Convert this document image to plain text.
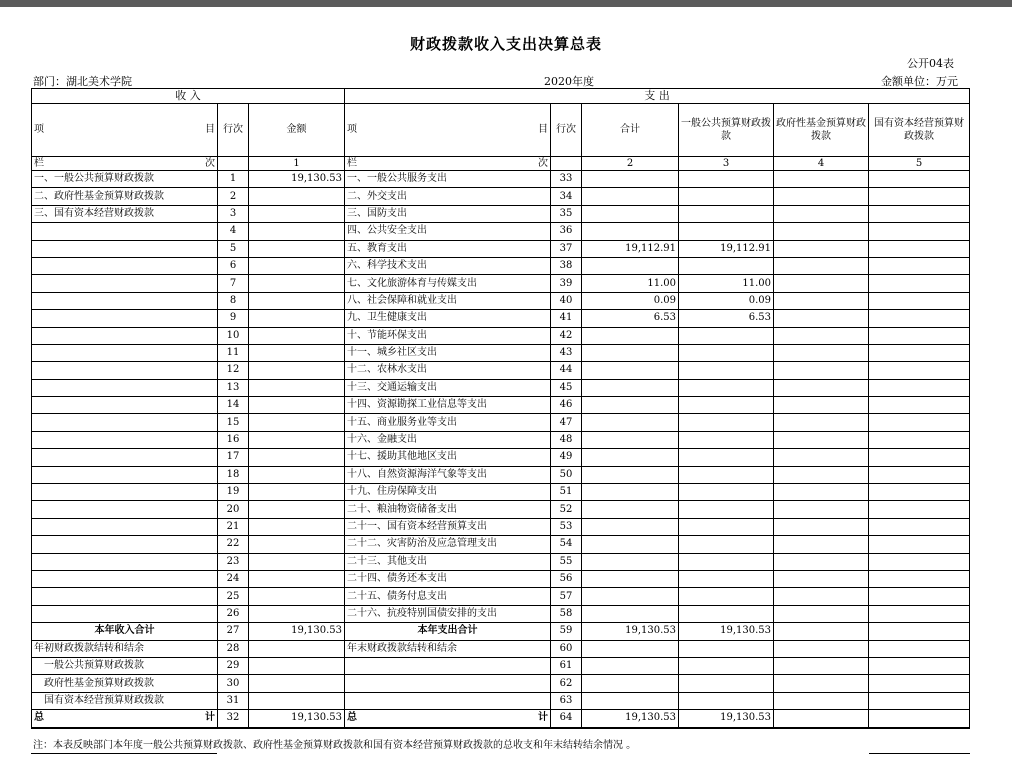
财政拨款收入支出决算总表
公开04表
部门：湖北美术学院	2020年度	金额单位：万元
收 入			支 出					

项 目	行次	金额	项 目	行次	合计	一般公共预算财政拨款	政府性基金预算财政拨款	国有资本经营预算财政拨款

栏 次		1	栏 次		2	3	4	5
一、一般公共预算财政拨款	1	19,130.53	一、一般公共服务支出	33				
二、政府性基金预算财政拨款	2		二、外交支出	34				
三、国有资本经营财政拨款	3		三、国防支出	35				
	4		四、公共安全支出	36				
	5		五、教育支出	37	19,112.91	19,112.91		
	6		六、科学技术支出	38				
	7		七、文化旅游体育与传媒支出	39	11.00	11.00		
	8		八、社会保障和就业支出	40	0.09	0.09		
	9		九、卫生健康支出	41	6.53	6.53		
	10		十、节能环保支出	42				
	11		十一、城乡社区支出	43				
	12		十二、农林水支出	44				
	13		十三、交通运输支出	45				
	14		十四、资源勘探工业信息等支出	46				
	15		十五、商业服务业等支出	47				
	16		十六、金融支出	48				
	17		十七、援助其他地区支出	49				
	18		十八、自然资源海洋气象等支出	50				
	19		十九、住房保障支出	51				
	20		二十、粮油物资储备支出	52				
	21		二十一、国有资本经营预算支出	53				
	22		二十二、灾害防治及应急管理支出	54				
	23		二十三、其他支出	55				
	24		二十四、债务还本支出	56				
	25		二十五、债务付息支出	57				
	26		二十六、抗疫特别国债安排的支出	58				
本年收入合计	27	19,130.53	本年支出合计	59	19,130.53	19,130.53		
年初财政拨款结转和结余	28		年末财政拨款结转和结余	60				
一般公共预算财政拨款	29			61				
政府性基金预算财政拨款	30			62				
国有资本经营预算财政拨款	31			63				

总 计	32	19,130.53	总 计	64	19,130.53	19,130.53		
注：本表反映部门本年度一般公共预算财政拨款、政府性基金预算财政拨款和国有资本经营预算财政拨款的总收支和年末结转结余情况 。
